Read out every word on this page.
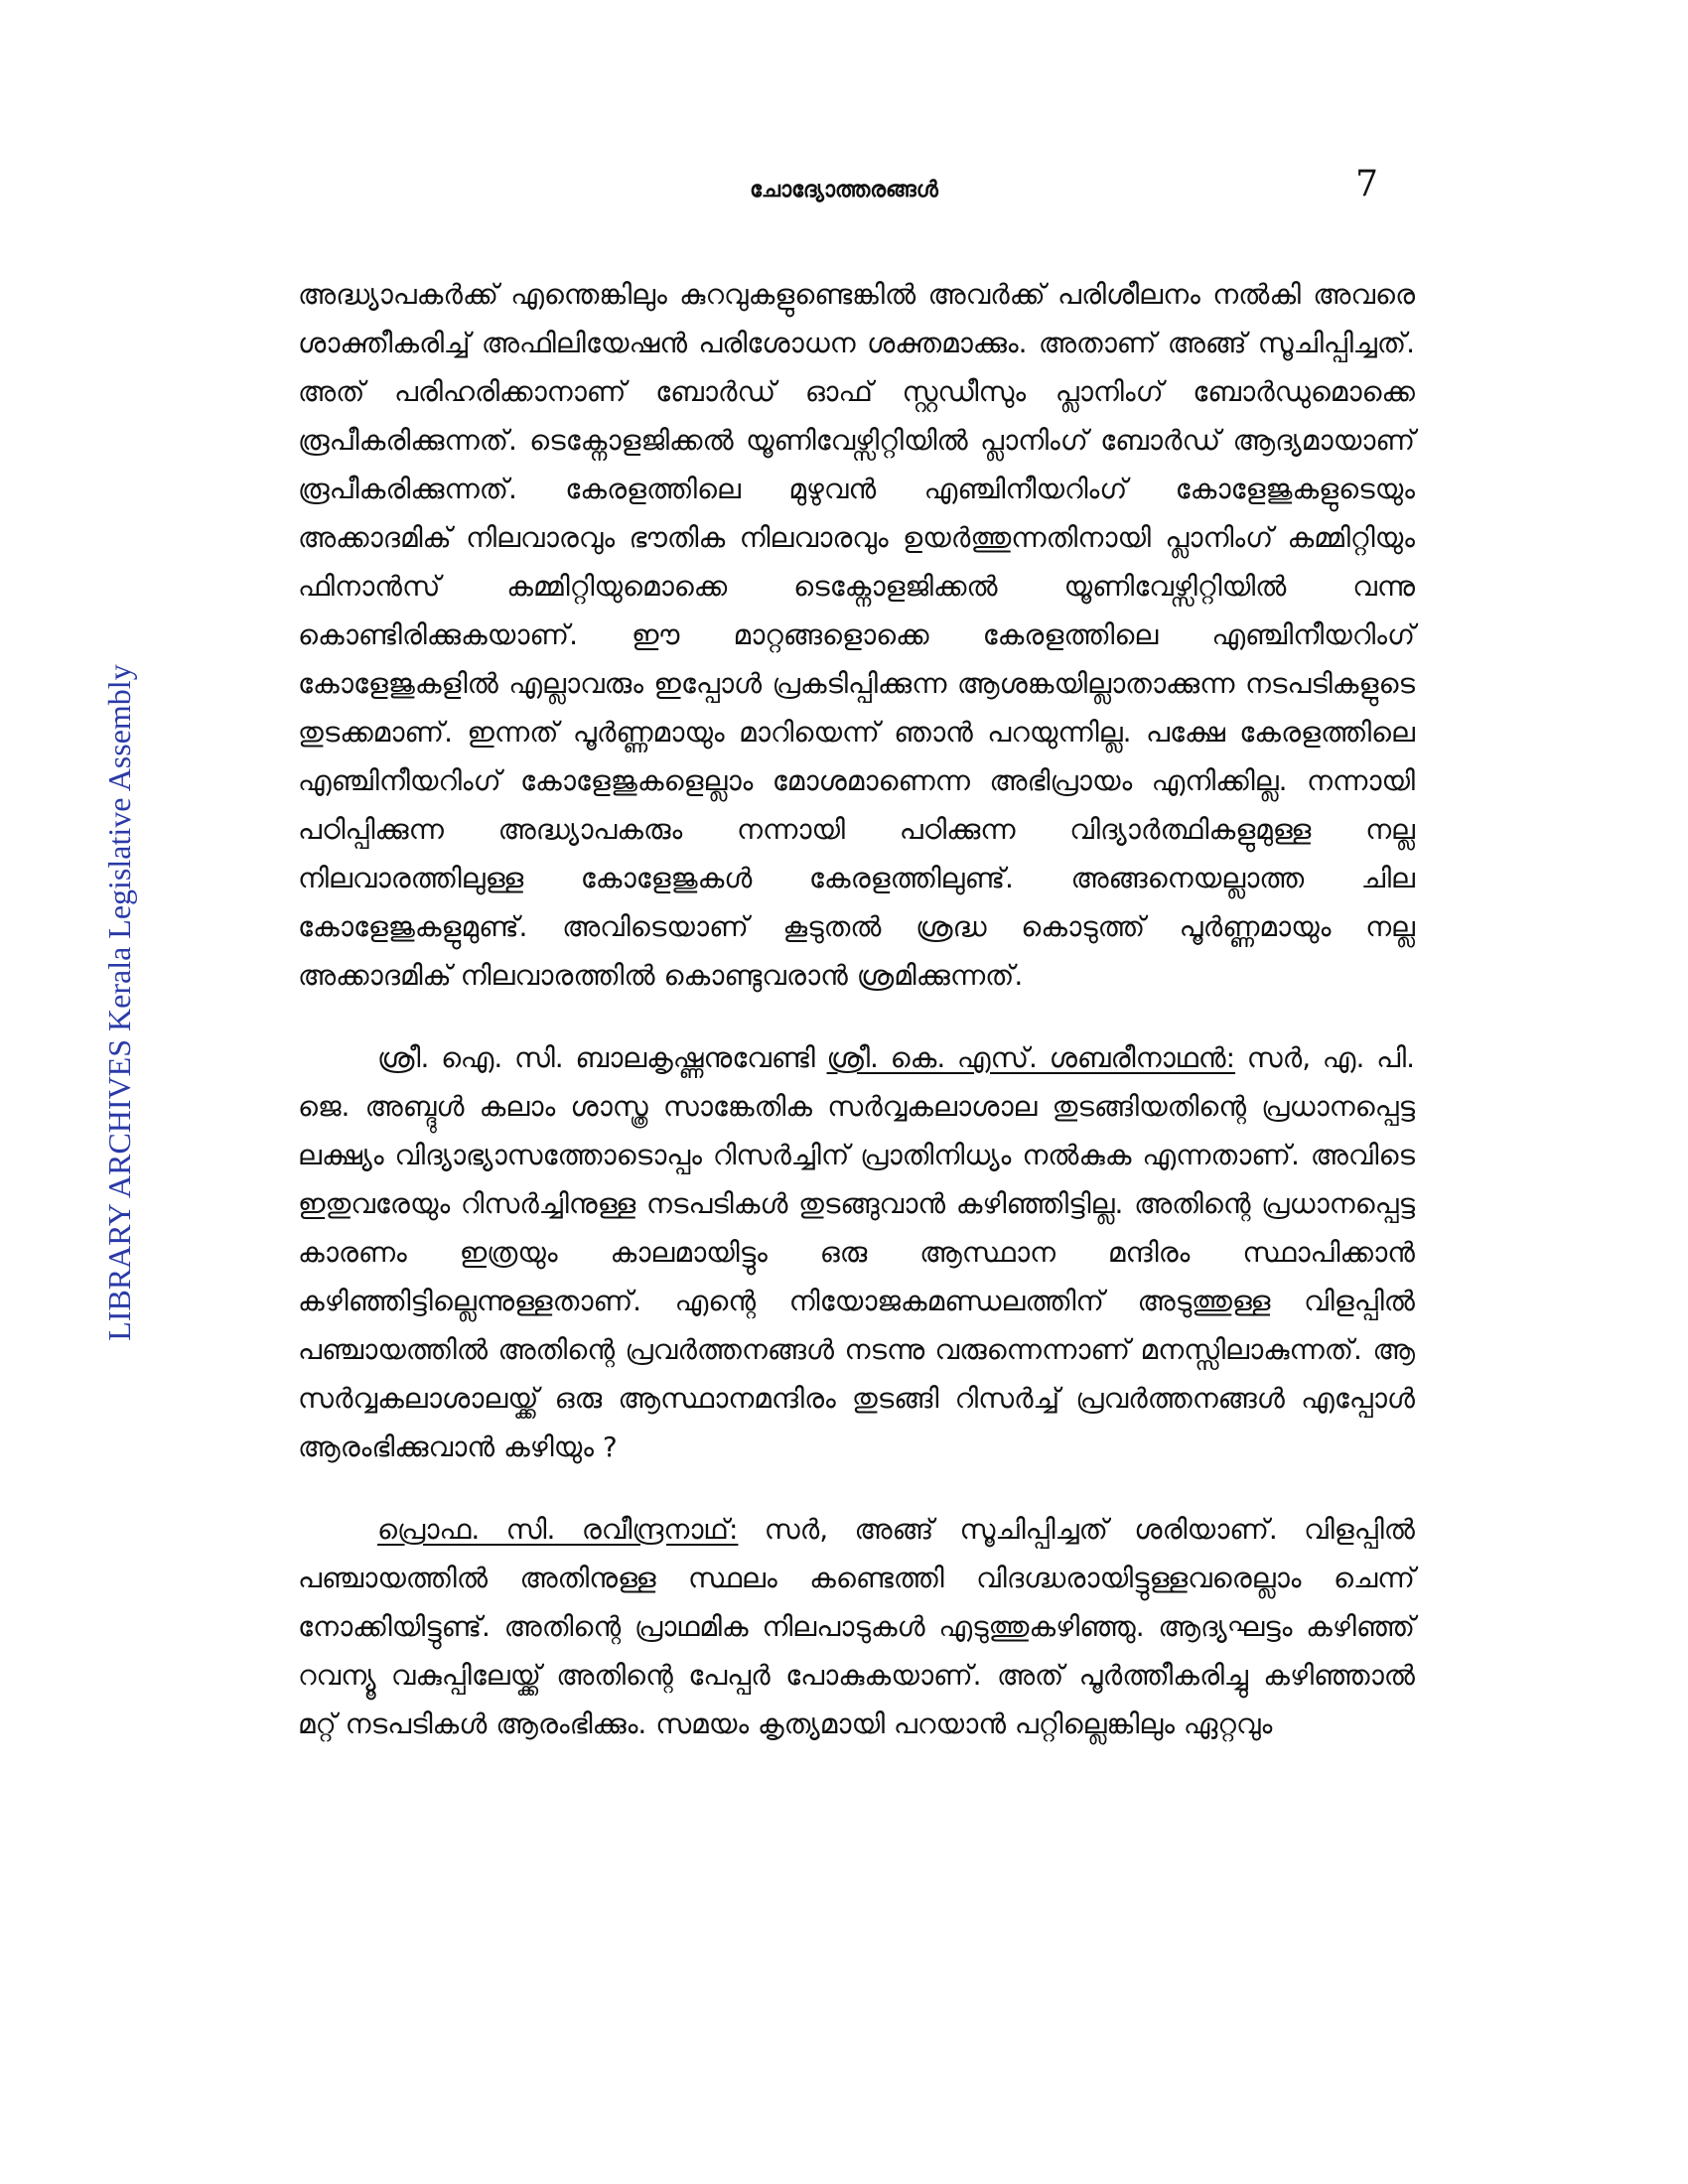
ചോദ്യോത്തരങ്ങൾ	7
LIBRARY ARCHIVES Kerala Legislative Assembly

അദ്ധ്യാപകർക്ക് എന്തെങ്കിലും കുറവുകളുണ്ടെങ്കിൽ അവർക്ക് പരിശീലനം നൽകി അവരെ ശാക്തീകരിച്ച് അഫിലിയേഷൻ പരിശോധന ശക്തമാക്കും. അതാണ് അങ്ങ് സൂചിപ്പിച്ചത്. അത് പരിഹരിക്കാനാണ് ബോർഡ് ഓഫ് സ്റ്റഡീസും പ്ലാനിംഗ് ബോർഡുമൊക്കെ രൂപീകരിക്കുന്നത്. ടെക്നോളജിക്കൽ യൂണിവേഴ്സിറ്റിയിൽ പ്ലാനിംഗ് ബോർഡ് ആദ്യമായാണ് രൂപീകരിക്കുന്നത്. കേരളത്തിലെ മുഴുവൻ എഞ്ചിനീയറിംഗ് കോളേജുകളുടെയും അക്കാദമിക് നിലവാരവും ഭൗതിക നിലവാരവും ഉയർത്തുന്നതിനായി പ്ലാനിംഗ് കമ്മിറ്റിയും ഫിനാൻസ് കമ്മിറ്റിയുമൊക്കെ ടെക്നോളജിക്കൽ യൂണിവേഴ്സിറ്റിയിൽ വന്നു കൊണ്ടിരിക്കുകയാണ്. ഈ മാറ്റങ്ങളൊക്കെ കേരളത്തിലെ എഞ്ചിനീയറിംഗ് കോളേജുകളിൽ എല്ലാവരും ഇപ്പോൾ പ്രകടിപ്പിക്കുന്ന ആശങ്കയില്ലാതാക്കുന്ന നടപടികളുടെ തുടക്കമാണ്. ഇന്നത് പൂർണ്ണമായും മാറിയെന്ന് ഞാൻ പറയുന്നില്ല. പക്ഷേ കേരളത്തിലെ എഞ്ചിനീയറിംഗ് കോളേജുകളെല്ലാം മോശമാണെന്ന അഭിപ്രായം എനിക്കില്ല. നന്നായി പഠിപ്പിക്കുന്ന അദ്ധ്യാപകരും നന്നായി പഠിക്കുന്ന വിദ്യാർത്ഥികളുമുള്ള നല്ല നിലവാരത്തിലുള്ള കോളേജുകൾ കേരളത്തിലുണ്ട്. അങ്ങനെയല്ലാത്ത ചില കോളേജുകളുമുണ്ട്. അവിടെയാണ് കൂടുതൽ ശ്രദ്ധ കൊടുത്ത് പൂർണ്ണമായും നല്ല അക്കാദമിക് നിലവാരത്തിൽ കൊണ്ടുവരാൻ ശ്രമിക്കുന്നത്.

ശ്രീ. ഐ. സി. ബാലകൃഷ്ണനുവേണ്ടി ശ്രീ. കെ. എസ്. ശബരീനാഥൻ: സർ, എ. പി. ജെ. അബ്ദുൾ കലാം ശാസ്ത്ര സാങ്കേതിക സർവ്വകലാശാല തുടങ്ങിയതിന്റെ പ്രധാനപ്പെട്ട ലക്ഷ്യം വിദ്യാഭ്യാസത്തോടൊപ്പം റിസർച്ചിന് പ്രാതിനിധ്യം നൽകുക എന്നതാണ്. അവിടെ ഇതുവരേയും റിസർച്ചിനുള്ള നടപടികൾ തുടങ്ങുവാൻ കഴിഞ്ഞിട്ടില്ല. അതിന്റെ പ്രധാനപ്പെട്ട കാരണം ഇത്രയും കാലമായിട്ടും ഒരു ആസ്ഥാന മന്ദിരം സ്ഥാപിക്കാൻ കഴിഞ്ഞിട്ടില്ലെന്നുള്ളതാണ്. എന്റെ നിയോജകമണ്ഡലത്തിന് അടുത്തുള്ള വിളപ്പിൽ പഞ്ചായത്തിൽ അതിന്റെ പ്രവർത്തനങ്ങൾ നടന്നു വരുന്നെന്നാണ് മനസ്സിലാകുന്നത്. ആ സർവ്വകലാശാലയ്ക്ക് ഒരു ആസ്ഥാനമന്ദിരം തുടങ്ങി റിസർച്ച് പ്രവർത്തനങ്ങൾ എപ്പോൾ ആരംഭിക്കുവാൻ കഴിയും ?

പ്രൊഫ. സി. രവീന്ദ്രനാഥ്: സർ, അങ്ങ് സൂചിപ്പിച്ചത് ശരിയാണ്. വിളപ്പിൽ പഞ്ചായത്തിൽ അതിനുള്ള സ്ഥലം കണ്ടെത്തി വിദഗ്ദ്ധരായിട്ടുള്ളവരെല്ലാം ചെന്ന് നോക്കിയിട്ടുണ്ട്. അതിന്റെ പ്രാഥമിക നിലപാടുകൾ എടുത്തുകഴിഞ്ഞു. ആദ്യഘട്ടം കഴിഞ്ഞ് റവന്യൂ വകുപ്പിലേയ്ക്ക് അതിന്റെ പേപ്പർ പോകുകയാണ്. അത് പൂർത്തീകരിച്ചു കഴിഞ്ഞാൽ മറ്റ് നടപടികൾ ആരംഭിക്കും. സമയം കൃത്യമായി പറയാൻ പറ്റില്ലെങ്കിലും ഏറ്റവും
